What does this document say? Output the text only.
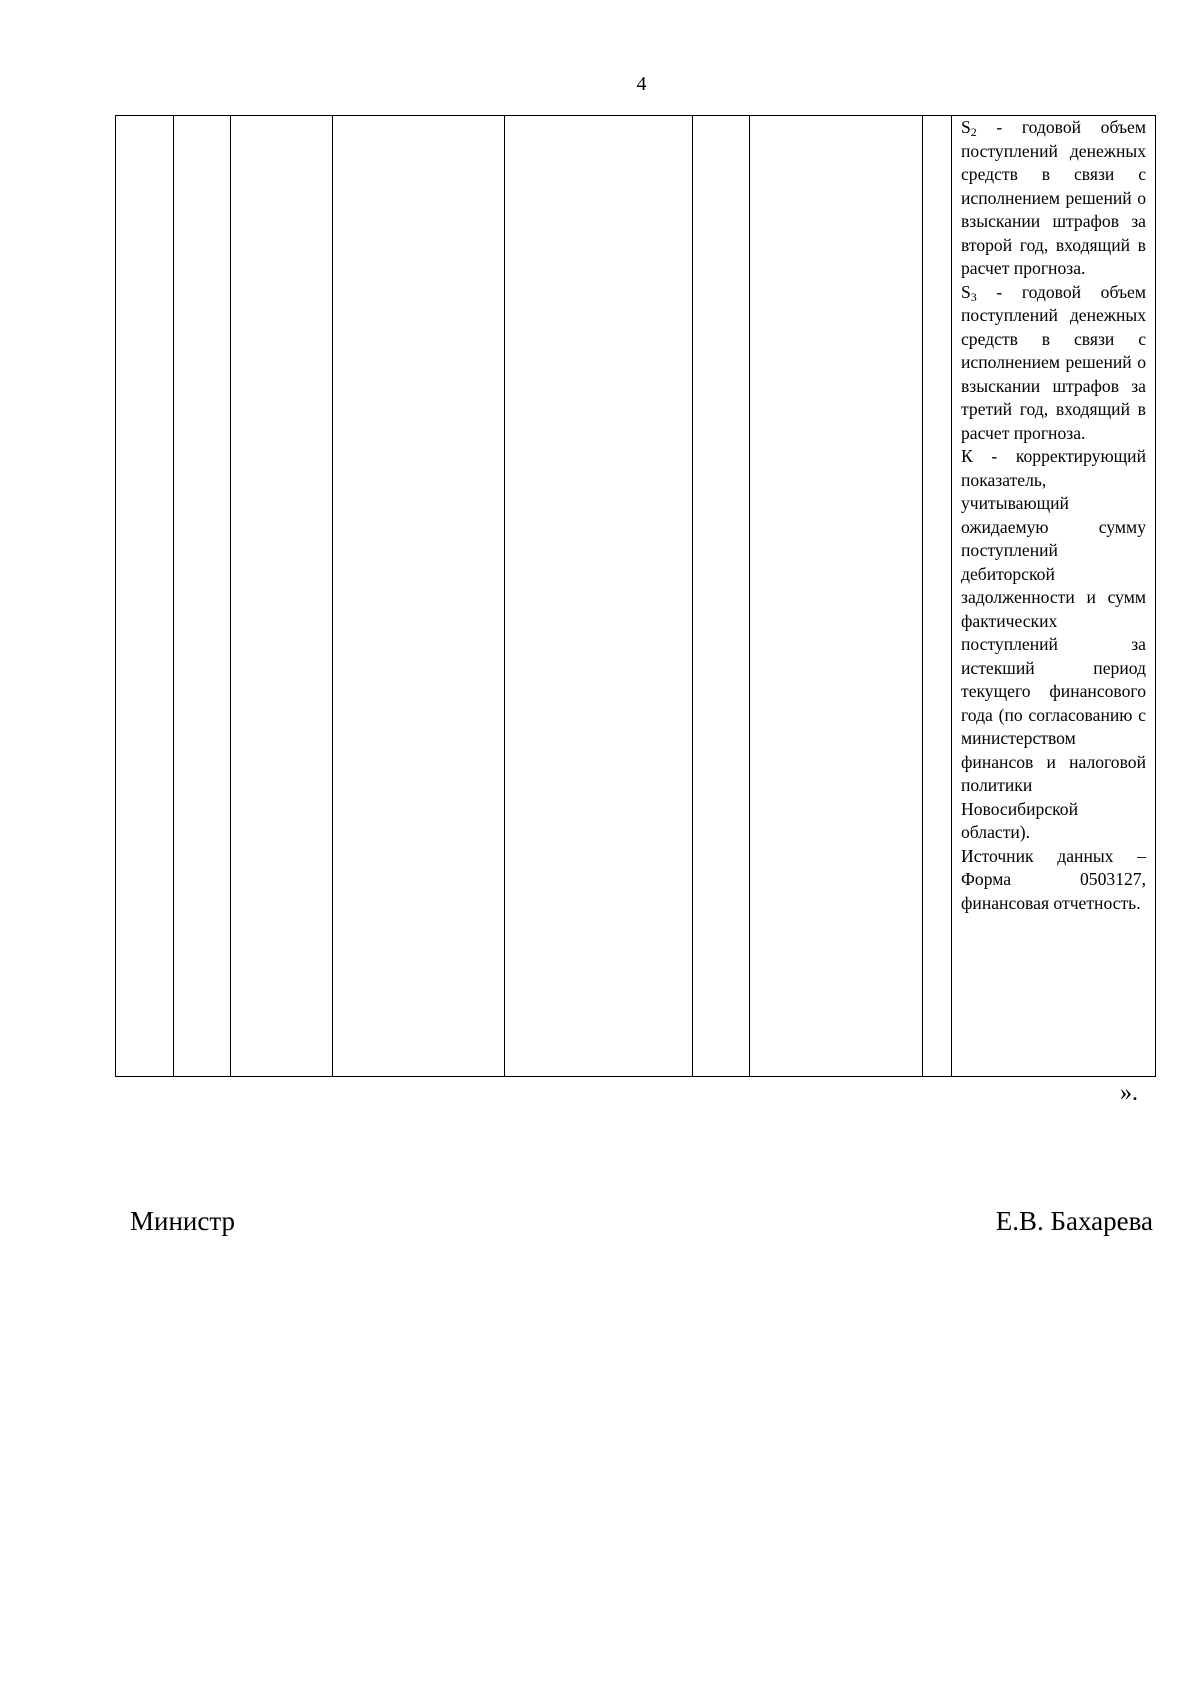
4

$S_2$ - годовой объем поступлений денежных средств в связи с исполнением решений о взыскании штрафов за второй год, входящий в расчет прогноза.

$S_3$ - годовой объем поступлений денежных средств в связи с исполнением решений о взыскании штрафов за третий год, входящий в расчет прогноза.

К - корректирующий показатель, учитывающий ожидаемую сумму поступлений дебиторской задолженности и сумм фактических поступлений за истекший период текущего финансового года (по согласованию с министерством финансов и налоговой политики Новосибирской области).

Источник данных – Форма 0503127, финансовая отчетность.

».
Министр	Е.В. Бахарева
